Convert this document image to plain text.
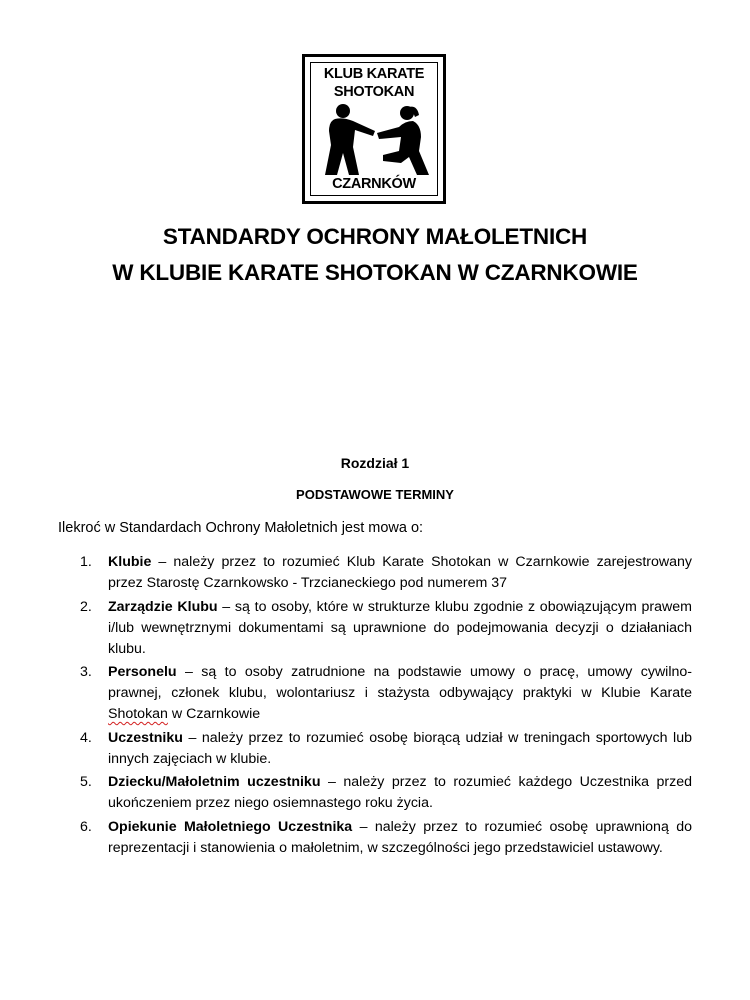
KLUB KARATE
SHOTOKAN
CZARNKÓW
STANDARDY OCHRONY MAŁOLETNICH
W KLUBIE KARATE SHOTOKAN W CZARNKOWIE
Rozdział 1
PODSTAWOWE TERMINY
Ilekroć w Standardach Ochrony Małoletnich jest mowa o:
1. Klubie – należy przez to rozumieć Klub Karate Shotokan w Czarnkowie zarejestrowany przez Starostę Czarnkowsko - Trzcianeckiego pod numerem 37
2. Zarządzie Klubu – są to osoby, które w strukturze klubu zgodnie z obowiązującym prawem i/lub wewnętrznymi dokumentami są uprawnione do podejmowania decyzji o działaniach klubu.
3. Personelu – są to osoby zatrudnione na podstawie umowy o pracę, umowy cywilno-prawnej, członek klubu, wolontariusz i stażysta odbywający praktyki w Klubie Karate Shotokan w Czarnkowie
4. Uczestniku – należy przez to rozumieć osobę biorącą udział w treningach sportowych lub innych zajęciach w klubie.
5. Dziecku/Małoletnim uczestniku – należy przez to rozumieć każdego Uczestnika przed ukończeniem przez niego osiemnastego roku życia.
6. Opiekunie Małoletniego Uczestnika – należy przez to rozumieć osobę uprawnioną do reprezentacji i stanowienia o małoletnim, w szczególności jego przedstawiciel ustawowy.
